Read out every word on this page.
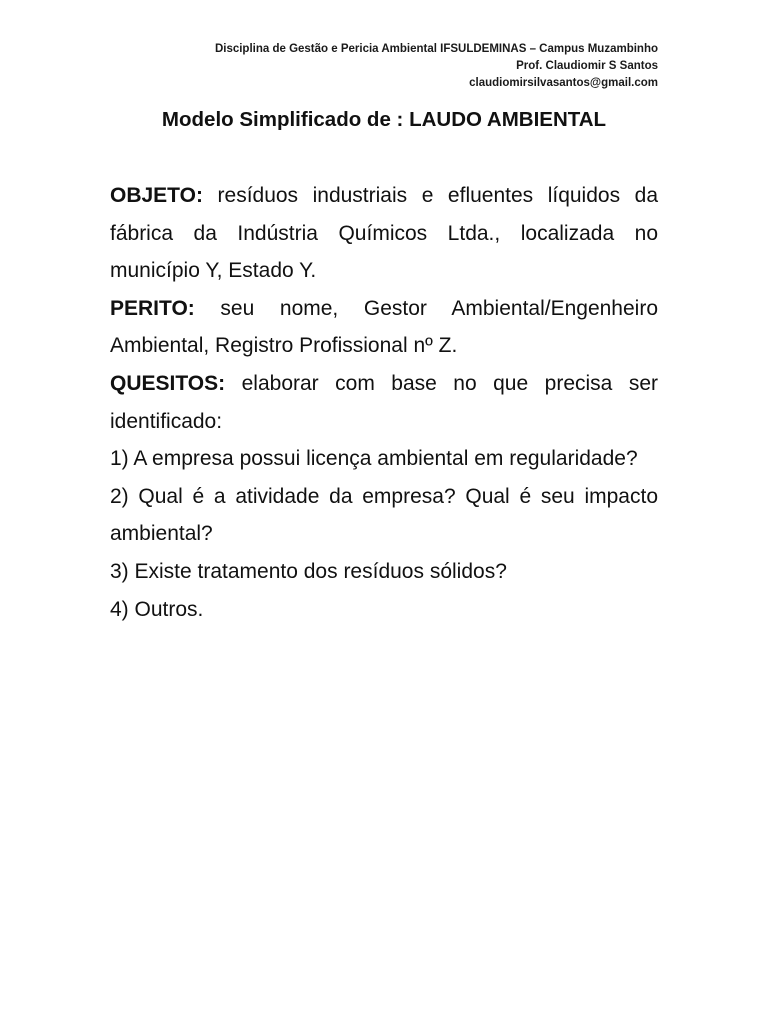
Disciplina de Gestão e Pericia Ambiental IFSULDEMINAS – Campus Muzambinho
Prof. Claudiomir S Santos
claudiomirsilvasantos@gmail.com
Modelo Simplificado de : LAUDO AMBIENTAL
OBJETO: resíduos industriais e efluentes líquidos da fábrica da Indústria Químicos Ltda., localizada no município Y, Estado Y.
PERITO: seu nome, Gestor Ambiental/Engenheiro Ambiental, Registro Profissional nº Z.
QUESITOS: elaborar com base no que precisa ser identificado:
1) A empresa possui licença ambiental em regularidade?
2) Qual é a atividade da empresa? Qual é seu impacto ambiental?
3) Existe tratamento dos resíduos sólidos?
4) Outros.
